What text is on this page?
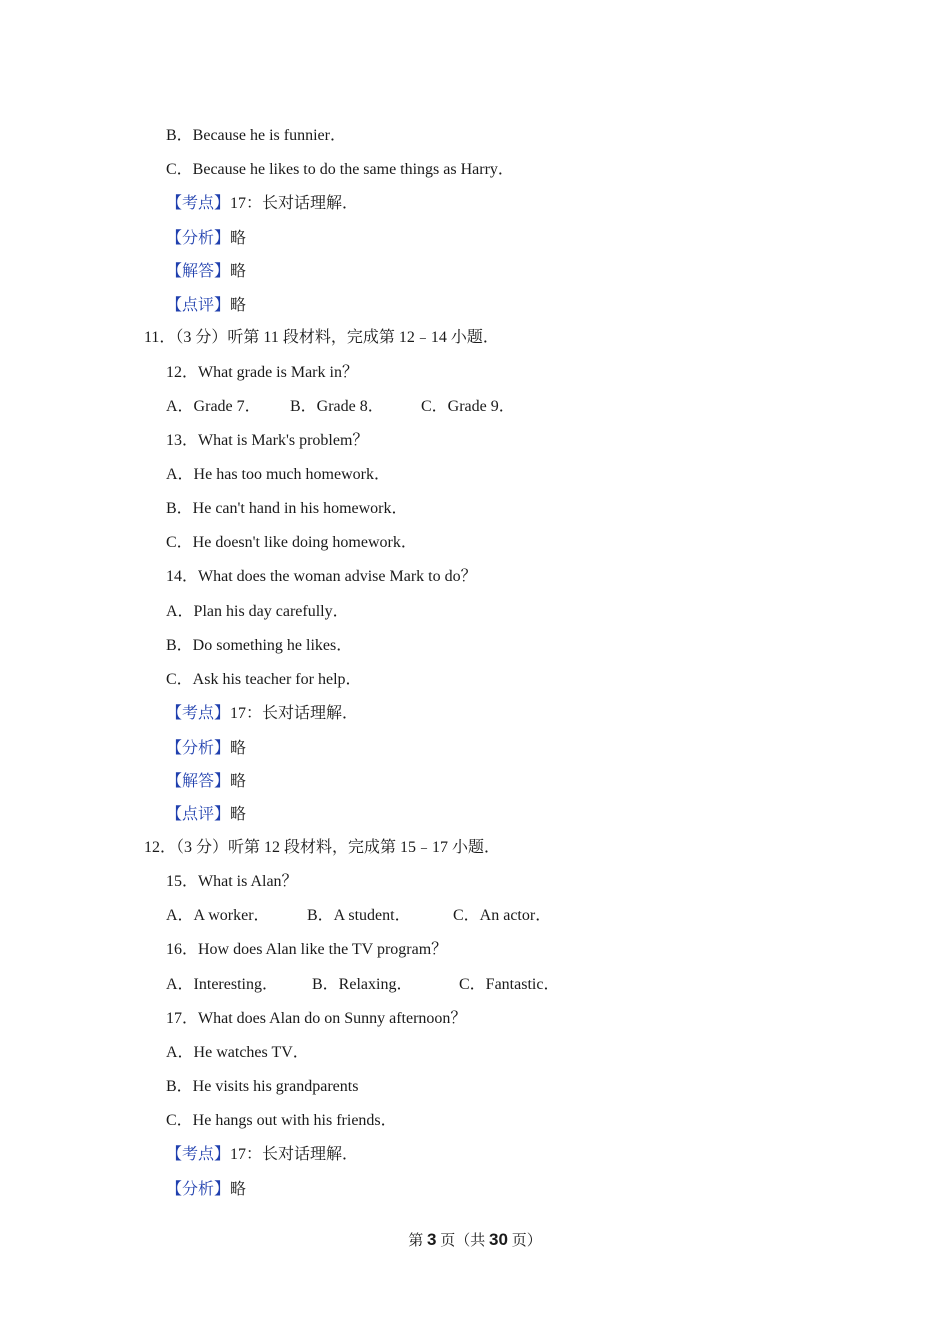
B．Because he is funnier．
C．Because he likes to do the same things as Harry．
【考点】17：长对话理解．
【分析】略
【解答】略
【点评】略
11．（3 分）听第 11 段材料，完成第 12﹣14 小题．
12．What grade is Mark in？
A．Grade 7． B．Grade 8． C．Grade 9．
13．What is Mark's problem？
A．He has too much homework．
B．He can't hand in his homework．
C．He doesn't like doing homework．
14．What does the woman advise Mark to do？
A．Plan his day carefully．
B．Do something he likes．
C．Ask his teacher for help．
【考点】17：长对话理解．
【分析】略
【解答】略
【点评】略
12．（3 分）听第 12 段材料，完成第 15﹣17 小题．
15．What is Alan？
A．A worker． B．A student．	C．An actor．
16．How does Alan like the TV program？
A．Interesting． B．Relaxing．	C．Fantastic．
17．What does Alan do on Sunny afternoon？
A．He watches TV．
B．He visits his grandparents
C．He hangs out with his friends．
【考点】17：长对话理解．
【分析】略
第 3 页（共 30 页）
